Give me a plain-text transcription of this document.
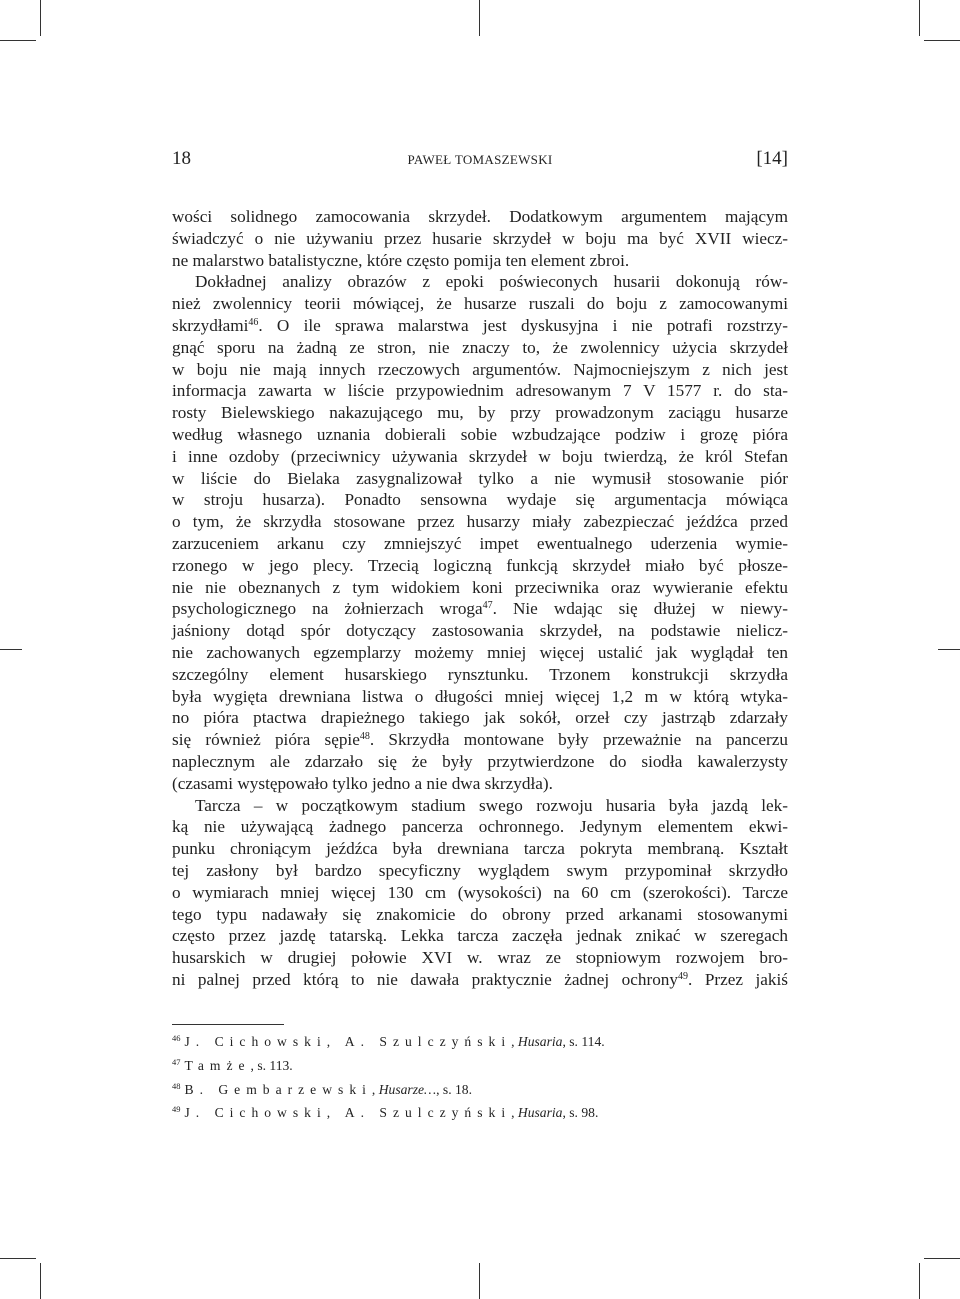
18	PAWEŁ TOMASZEWSKI	[14]
wości solidnego zamocowania skrzydeł. Dodatkowym argumentem mającym
świadczyć o nie używaniu przez husarie skrzydeł w boju ma być XVII wiecz-
ne malarstwo batalistyczne, które często pomija ten element zbroi.
Dokładnej analizy obrazów z epoki poświeconych husarii dokonują rów-
nież zwolennicy teorii mówiącej, że husarze ruszali do boju z zamocowanymi
skrzydłami$^{46}$. O ile sprawa malarstwa jest dyskusyjna i nie potrafi rozstrzy-
gnąć sporu na żadną ze stron, nie znaczy to, że zwolennicy użycia skrzydeł
w boju nie mają innych rzeczowych argumentów. Najmocniejszym z nich jest
informacja zawarta w liście przypowiednim adresowanym 7 V 1577 r. do sta-
rosty Bielewskiego nakazującego mu, by przy prowadzonym zaciągu husarze
według własnego uznania dobierali sobie wzbudzające podziw i grozę pióra
i inne ozdoby (przeciwnicy używania skrzydeł w boju twierdzą, że król Stefan
w liście do Bielaka zasygnalizował tylko a nie wymusił stosowanie piór
w stroju husarza). Ponadto sensowna wydaje się argumentacja mówiąca
o tym, że skrzydła stosowane przez husarzy miały zabezpieczać jeźdźca przed
zarzuceniem arkanu czy zmniejszyć impet ewentualnego uderzenia wymie-
rzonego w jego plecy. Trzecią logiczną funkcją skrzydeł miało być płosze-
nie nie obeznanych z tym widokiem koni przeciwnika oraz wywieranie efektu
psychologicznego na żołnierzach wroga$^{47}$. Nie wdając się dłużej w niewy-
jaśniony dotąd spór dotyczący zastosowania skrzydeł, na podstawie nielicz-
nie zachowanych egzemplarzy możemy mniej więcej ustalić jak wyglądał ten
szczególny element husarskiego rynsztunku. Trzonem konstrukcji skrzydła
była wygięta drewniana listwa o długości mniej więcej 1,2 m w którą wtyka-
no pióra ptactwa drapieżnego takiego jak sokół, orzeł czy jastrząb zdarzały
się również pióra sępie$^{48}$. Skrzydła montowane były przeważnie na pancerzu
naplecznym ale zdarzało się że były przytwierdzone do siodła kawalerzysty
(czasami występowało tylko jedno a nie dwa skrzydła).
Tarcza – w początkowym stadium swego rozwoju husaria była jazdą lek-
ką nie używającą żadnego pancerza ochronnego. Jedynym elementem ekwi-
punku chroniącym jeźdźca była drewniana tarcza pokryta membraną. Kształt
tej zasłony był bardzo specyficzny wyglądem swym przypominał skrzydło
o wymiarach mniej więcej 130 cm (wysokości) na 60 cm (szerokości). Tarcze
tego typu nadawały się znakomicie do obrony przed arkanami stosowanymi
często przez jazdę tatarską. Lekka tarcza zaczęła jednak znikać w szeregach
husarskich w drugiej połowie XVI w. wraz ze stopniowym rozwojem bro-
ni palnej przed którą to nie dawała praktycznie żadnej ochrony$^{49}$. Przez jakiś
$^{46}$ J. Cichowski, A. Szulczyński, Husaria, s. 114.
$^{47}$ Tamże, s. 113.
$^{48}$ B. Gembarzewski, Husarze…, s. 18.
$^{49}$ J. Cichowski, A. Szulczyński, Husaria, s. 98.
